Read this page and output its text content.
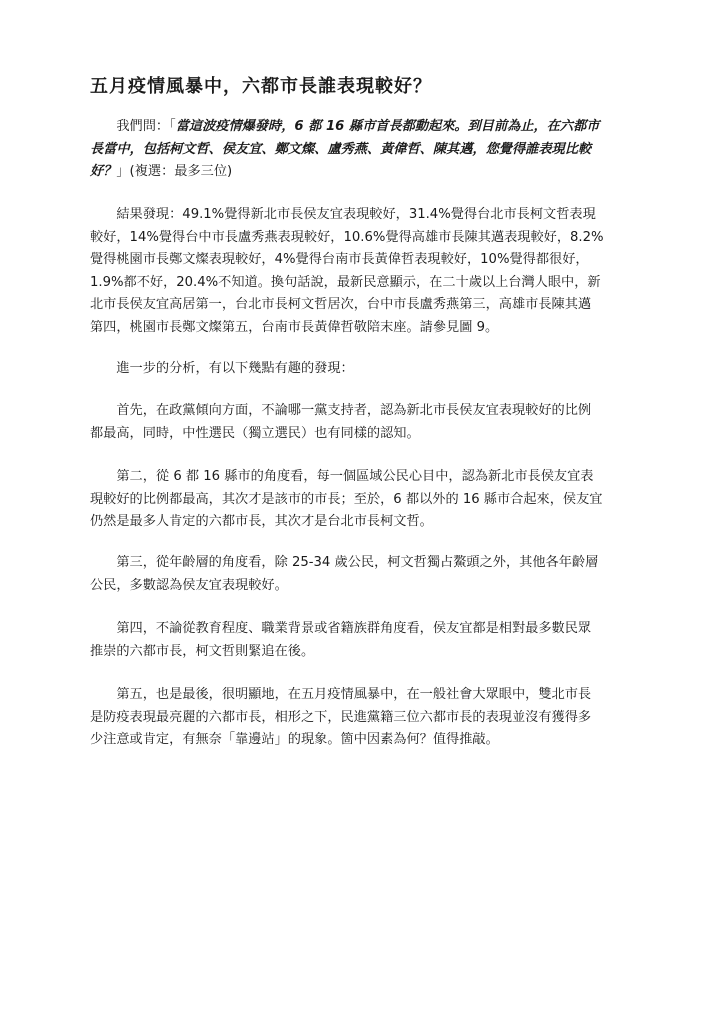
五月疫情風暴中，六都市長誰表現較好？
　　我們問：「當這波疫情爆發時，6 都 16 縣市首長都動起來。到目前為止，在六都市
長當中，包括柯文哲、侯友宜、鄭文燦、盧秀燕、黃偉哲、陳其邁，您覺得誰表現比較
好？」(複選：最多三位)
　　結果發現：49.1%覺得新北市長侯友宜表現較好，31.4%覺得台北市長柯文哲表現
較好，14%覺得台中市長盧秀燕表現較好，10.6%覺得高雄市長陳其邁表現較好，8.2%
覺得桃園市長鄭文燦表現較好，4%覺得台南市長黃偉哲表現較好，10%覺得都很好，
1.9%都不好，20.4%不知道。換句話說，最新民意顯示，在二十歲以上台灣人眼中，新
北市長侯友宜高居第一，台北市長柯文哲居次，台中市長盧秀燕第三，高雄市長陳其邁
第四，桃園市長鄭文燦第五，台南市長黃偉哲敬陪末座。請參見圖 9。
　　進一步的分析，有以下幾點有趣的發現：
　　首先，在政黨傾向方面，不論哪一黨支持者，認為新北市長侯友宜表現較好的比例
都最高，同時，中性選民（獨立選民）也有同樣的認知。
　　第二，從 6 都 16 縣市的角度看，每一個區域公民心目中，認為新北市長侯友宜表
現較好的比例都最高，其次才是該市的市長；至於，6 都以外的 16 縣市合起來，侯友宜
仍然是最多人肯定的六都市長，其次才是台北市長柯文哲。
　　第三，從年齡層的角度看，除 25-34 歲公民，柯文哲獨占鰲頭之外，其他各年齡層
公民，多數認為侯友宜表現較好。
　　第四，不論從教育程度、職業背景或省籍族群角度看，侯友宜都是相對最多數民眾
推崇的六都市長，柯文哲則緊追在後。
　　第五，也是最後，很明顯地，在五月疫情風暴中，在一般社會大眾眼中，雙北市長
是防疫表現最亮麗的六都市長，相形之下，民進黨籍三位六都市長的表現並沒有獲得多
少注意或肯定，有無奈「靠邊站」的現象。箇中因素為何？值得推敲。
